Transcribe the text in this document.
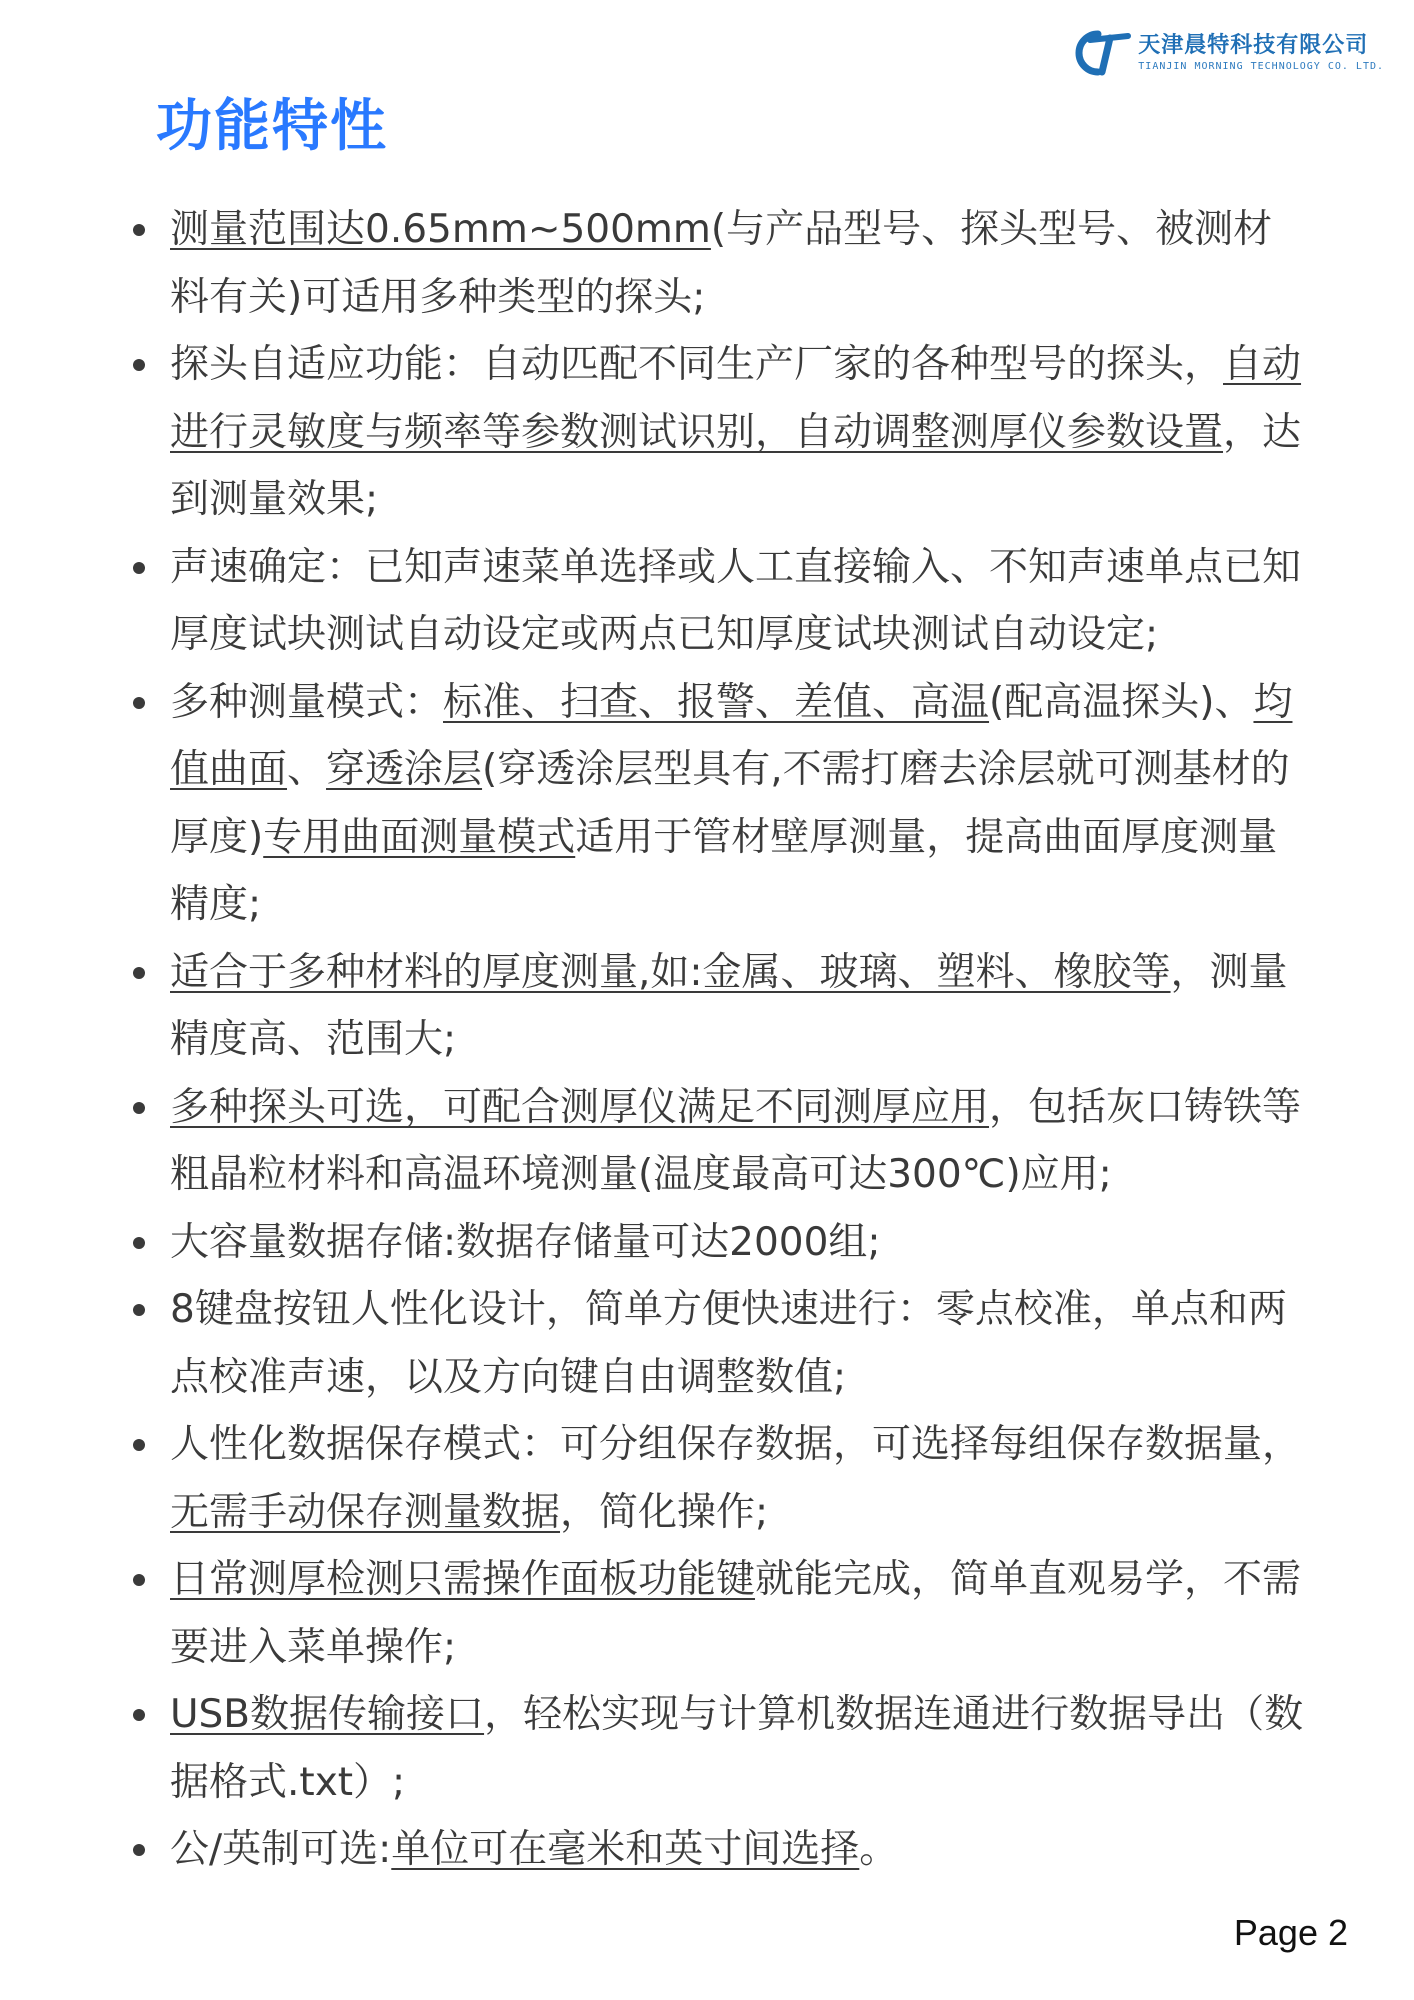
天津晨特科技有限公司
TIANJIN MORNING TECHNOLOGY CO. LTD.
功能特性
测量范围达0.65mm~500mm(与产品型号、探头型号、被测材料有关)可适用多种类型的探头;
探头自适应功能：自动匹配不同生产厂家的各种型号的探头，自动进行灵敏度与频率等参数测试识别，自动调整测厚仪参数设置，达到测量效果;
声速确定：已知声速菜单选择或人工直接输入、不知声速单点已知厚度试块测试自动设定或两点已知厚度试块测试自动设定;
多种测量模式：标准、扫查、报警、差值、高温(配高温探头)、均值曲面、穿透涂层(穿透涂层型具有,不需打磨去涂层就可测基材的厚度)专用曲面测量模式适用于管材壁厚测量，提高曲面厚度测量精度;
适合于多种材料的厚度测量,如:金属、玻璃、塑料、橡胶等，测量精度高、范围大;
多种探头可选，可配合测厚仪满足不同测厚应用，包括灰口铸铁等粗晶粒材料和高温环境测量(温度最高可达300℃)应用;
大容量数据存储:数据存储量可达2000组;
8键盘按钮人性化设计，简单方便快速进行：零点校准，单点和两点校准声速，以及方向键自由调整数值;
人性化数据保存模式：可分组保存数据，可选择每组保存数据量，无需手动保存测量数据，简化操作;
日常测厚检测只需操作面板功能键就能完成，简单直观易学，不需要进入菜单操作;
USB数据传输接口，轻松实现与计算机数据连通进行数据导出（数据格式.txt）;
公/英制可选:单位可在毫米和英寸间选择。
Page 2
